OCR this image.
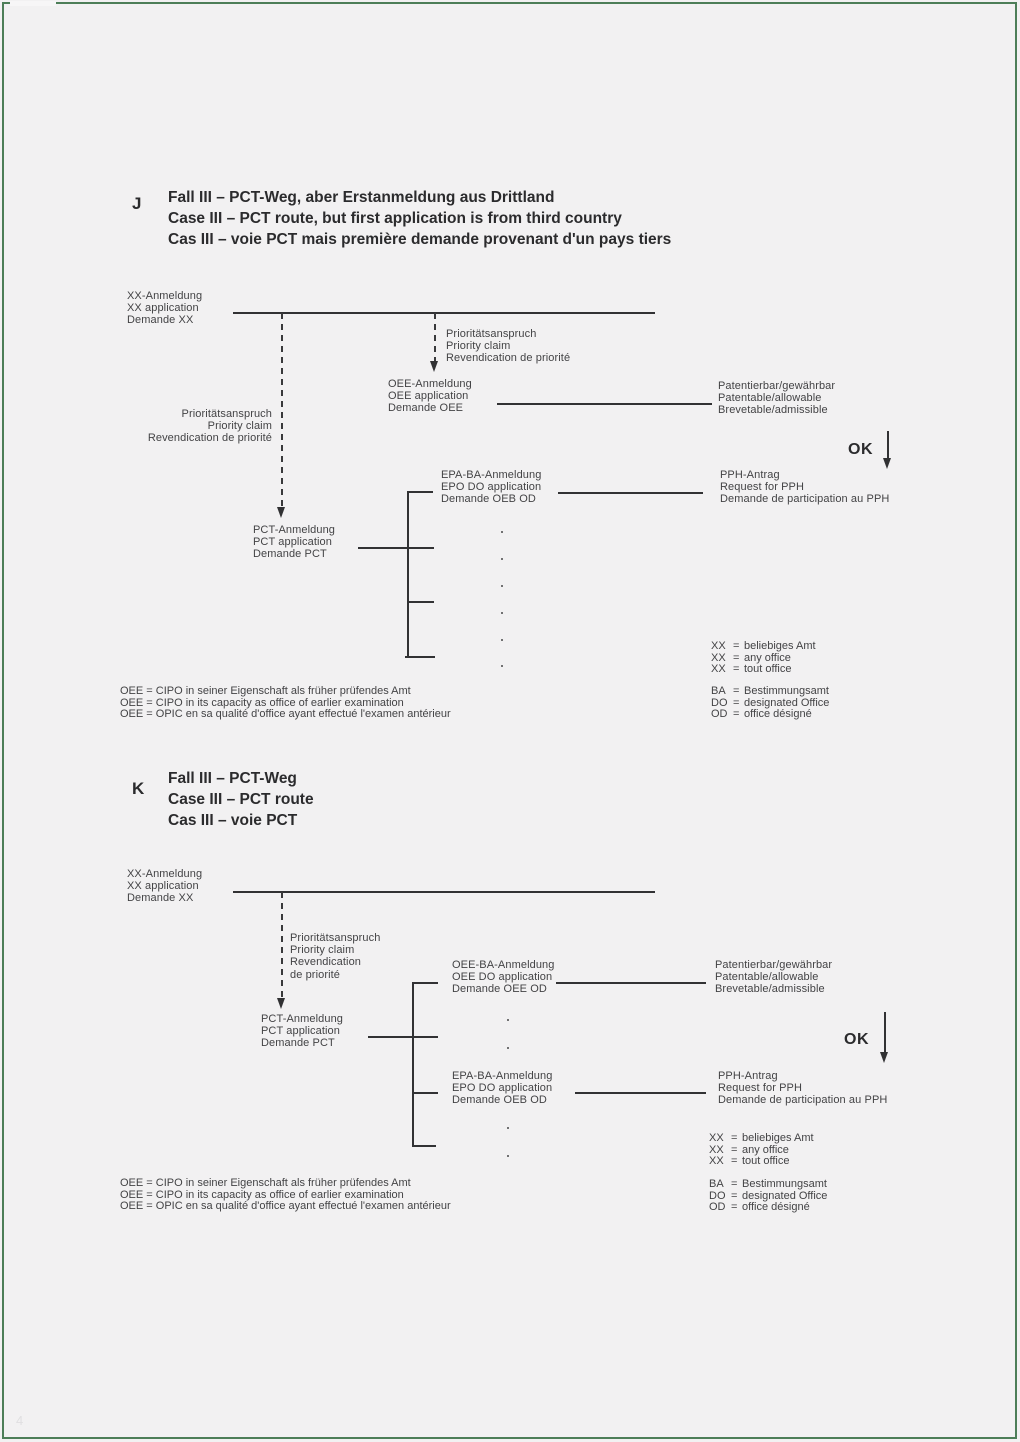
J Fall III – PCT-Weg, aber Erstanmeldung aus Drittland
Case III – PCT route, but first application is from third country
Cas III – voie PCT mais première demande provenant d'un pays tiers
XX-Anmeldung
XX application
Demande XX
Prioritätsanspruch
Priority claim
Revendication de priorité
Prioritätsanspruch
Priority claim
Revendication de priorité
OEE-Anmeldung
OEE application
Demande OEE
Patentierbar/gewährbar
Patentable/allowable
Brevetable/admissible
OK
EPA-BA-Anmeldung
EPO DO application
Demande OEB OD
PPH-Antrag
Request for PPH
Demande de participation au PPH
PCT-Anmeldung
PCT application
Demande PCT
OEE = CIPO in seiner Eigenschaft als früher prüfendes Amt
OEE = CIPO in its capacity as office of earlier examination
OEE = OPIC en sa qualité d'office ayant effectué l'examen antérieur
XX = beliebiges Amt
XX = any office
XX = tout office
BA = Bestimmungsamt
DO = designated Office
OD = office désigné
K
Fall III – PCT-Weg
Case III – PCT route
Cas III – voie PCT
XX-Anmeldung
XX application
Demande XX
Prioritätsanspruch
Priority claim
Revendication
de priorité
PCT-Anmeldung
PCT application
Demande PCT
OEE-BA-Anmeldung
OEE DO application
Demande OEE OD
Patentierbar/gewährbar
Patentable/allowable
Brevetable/admissible
OK
EPA-BA-Anmeldung
EPO DO application
Demande OEB OD
PPH-Antrag
Request for PPH
Demande de participation au PPH
XX = beliebiges Amt
XX = any office
XX = tout office
BA = Bestimmungsamt
DO = designated Office
OD = office désigné
OEE = CIPO in seiner Eigenschaft als früher prüfendes Amt
OEE = CIPO in its capacity as office of earlier examination
OEE = OPIC en sa qualité d'office ayant effectué l'examen antérieur
4
